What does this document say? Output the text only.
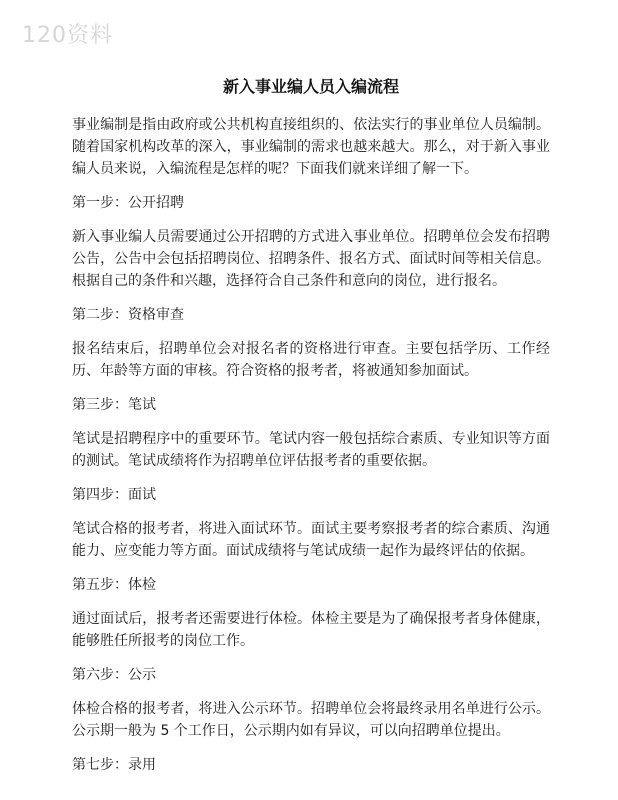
120资料
新入事业编人员入编流程

事业编制是指由政府或公共机构直接组织的、依法实行的事业单位人员编制。随着国家机构改革的深入，事业编制的需求也越来越大。那么，对于新入事业编人员来说，入编流程是怎样的呢？下面我们就来详细了解一下。

第一步：公开招聘

新入事业编人员需要通过公开招聘的方式进入事业单位。招聘单位会发布招聘公告，公告中会包括招聘岗位、招聘条件、报名方式、面试时间等相关信息。根据自己的条件和兴趣，选择符合自己条件和意向的岗位，进行报名。

第二步：资格审查

报名结束后，招聘单位会对报名者的资格进行审查。主要包括学历、工作经历、年龄等方面的审核。符合资格的报考者，将被通知参加面试。

第三步：笔试

笔试是招聘程序中的重要环节。笔试内容一般包括综合素质、专业知识等方面的测试。笔试成绩将作为招聘单位评估报考者的重要依据。

第四步：面试

笔试合格的报考者，将进入面试环节。面试主要考察报考者的综合素质、沟通能力、应变能力等方面。面试成绩将与笔试成绩一起作为最终评估的依据。

第五步：体检

通过面试后，报考者还需要进行体检。体检主要是为了确保报考者身体健康，能够胜任所报考的岗位工作。

第六步：公示

体检合格的报考者，将进入公示环节。招聘单位会将最终录用名单进行公示。公示期一般为 5 个工作日，公示期内如有异议，可以向招聘单位提出。

第七步：录用
